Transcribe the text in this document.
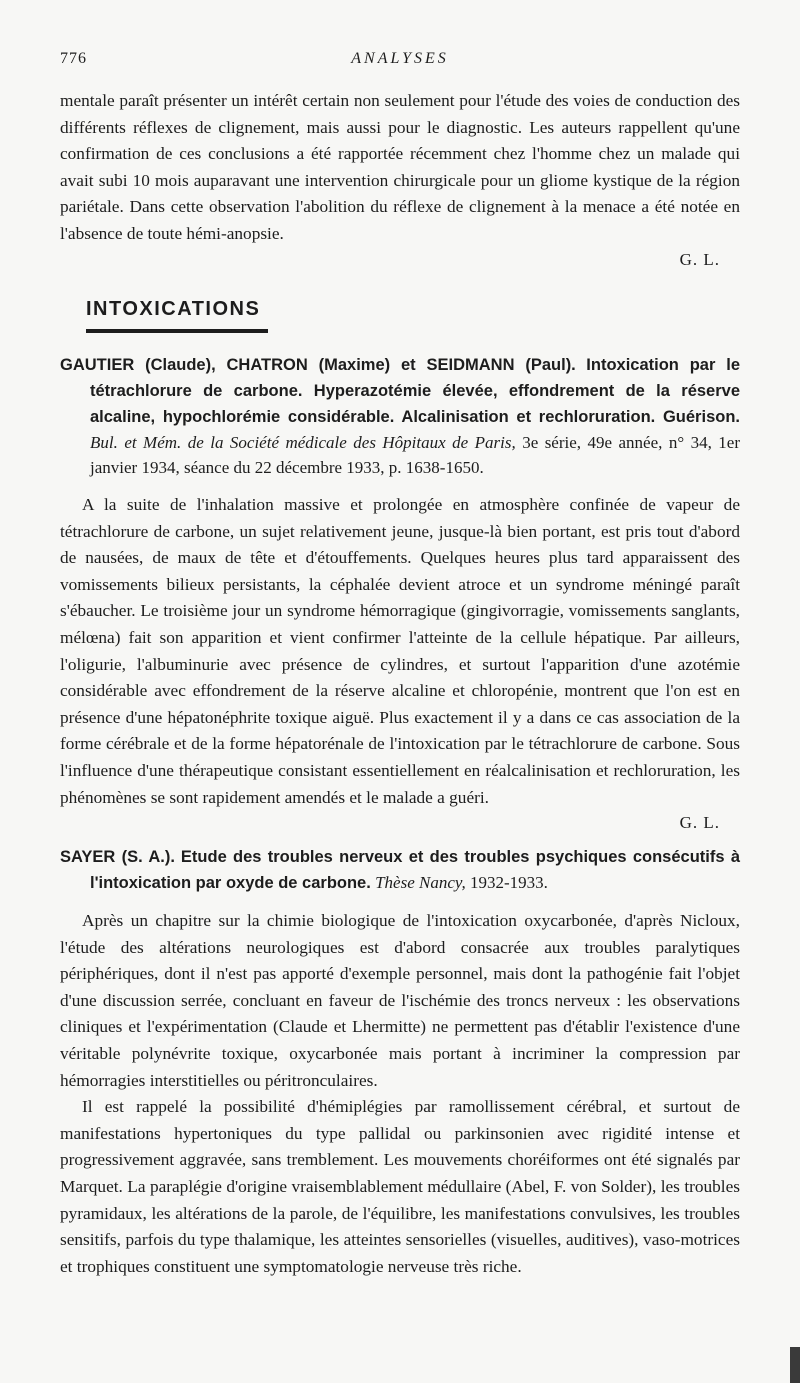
776	ANALYSES

mentale paraît présenter un intérêt certain non seulement pour l'étude des voies de conduction des différents réflexes de clignement, mais aussi pour le diagnostic. Les auteurs rappellent qu'une confirmation de ces conclusions a été rapportée récemment chez l'homme chez un malade qui avait subi 10 mois auparavant une intervention chirurgicale pour un gliome kystique de la région pariétale. Dans cette observation l'abolition du réflexe de clignement à la menace a été notée en l'absence de toute hémi-anopsie.

G. L.
INTOXICATIONS

GAUTIER (Claude), CHATRON (Maxime) et SEIDMANN (Paul). Intoxication par le tétrachlorure de carbone. Hyperazotémie élevée, effondrement de la réserve alcaline, hypochlorémie considérable. Alcalinisation et rechloruration. Guérison. Bul. et Mém. de la Société médicale des Hôpitaux de Paris, 3e série, 49e année, n° 34, 1er janvier 1934, séance du 22 décembre 1933, p. 1638-1650.

A la suite de l'inhalation massive et prolongée en atmosphère confinée de vapeur de tétrachlorure de carbone, un sujet relativement jeune, jusque-là bien portant, est pris tout d'abord de nausées, de maux de tête et d'étouffements. Quelques heures plus tard apparaissent des vomissements bilieux persistants, la céphalée devient atroce et un syndrome méningé paraît s'ébaucher. Le troisième jour un syndrome hémorragique (gingivorragie, vomissements sanglants, mélœna) fait son apparition et vient confirmer l'atteinte de la cellule hépatique. Par ailleurs, l'oligurie, l'albuminurie avec présence de cylindres, et surtout l'apparition d'une azotémie considérable avec effondrement de la réserve alcaline et chloropénie, montrent que l'on est en présence d'une hépatonéphrite toxique aiguë. Plus exactement il y a dans ce cas association de la forme cérébrale et de la forme hépatorénale de l'intoxication par le tétrachlorure de carbone. Sous l'influence d'une thérapeutique consistant essentiellement en réalcalinisation et rechloruration, les phénomènes se sont rapidement amendés et le malade a guéri.

G. L.

SAYER (S. A.). Etude des troubles nerveux et des troubles psychiques consécutifs à l'intoxication par oxyde de carbone. Thèse Nancy, 1932-1933.

Après un chapitre sur la chimie biologique de l'intoxication oxycarbonée, d'après Nicloux, l'étude des altérations neurologiques est d'abord consacrée aux troubles paralytiques périphériques, dont il n'est pas apporté d'exemple personnel, mais dont la pathogénie fait l'objet d'une discussion serrée, concluant en faveur de l'ischémie des troncs nerveux : les observations cliniques et l'expérimentation (Claude et Lhermitte) ne permettent pas d'établir l'existence d'une véritable polynévrite toxique, oxycarbonée mais portant à incriminer la compression par hémorragies interstitielles ou péritronculaires.

Il est rappelé la possibilité d'hémiplégies par ramollissement cérébral, et surtout de manifestations hypertoniques du type pallidal ou parkinsonien avec rigidité intense et progressivement aggravée, sans tremblement. Les mouvements choréiformes ont été signalés par Marquet. La paraplégie d'origine vraisemblablement médullaire (Abel, F. von Solder), les troubles pyramidaux, les altérations de la parole, de l'équilibre, les manifestations convulsives, les troubles sensitifs, parfois du type thalamique, les atteintes sensorielles (visuelles, auditives), vaso-motrices et trophiques constituent une symptomatologie nerveuse très riche.
